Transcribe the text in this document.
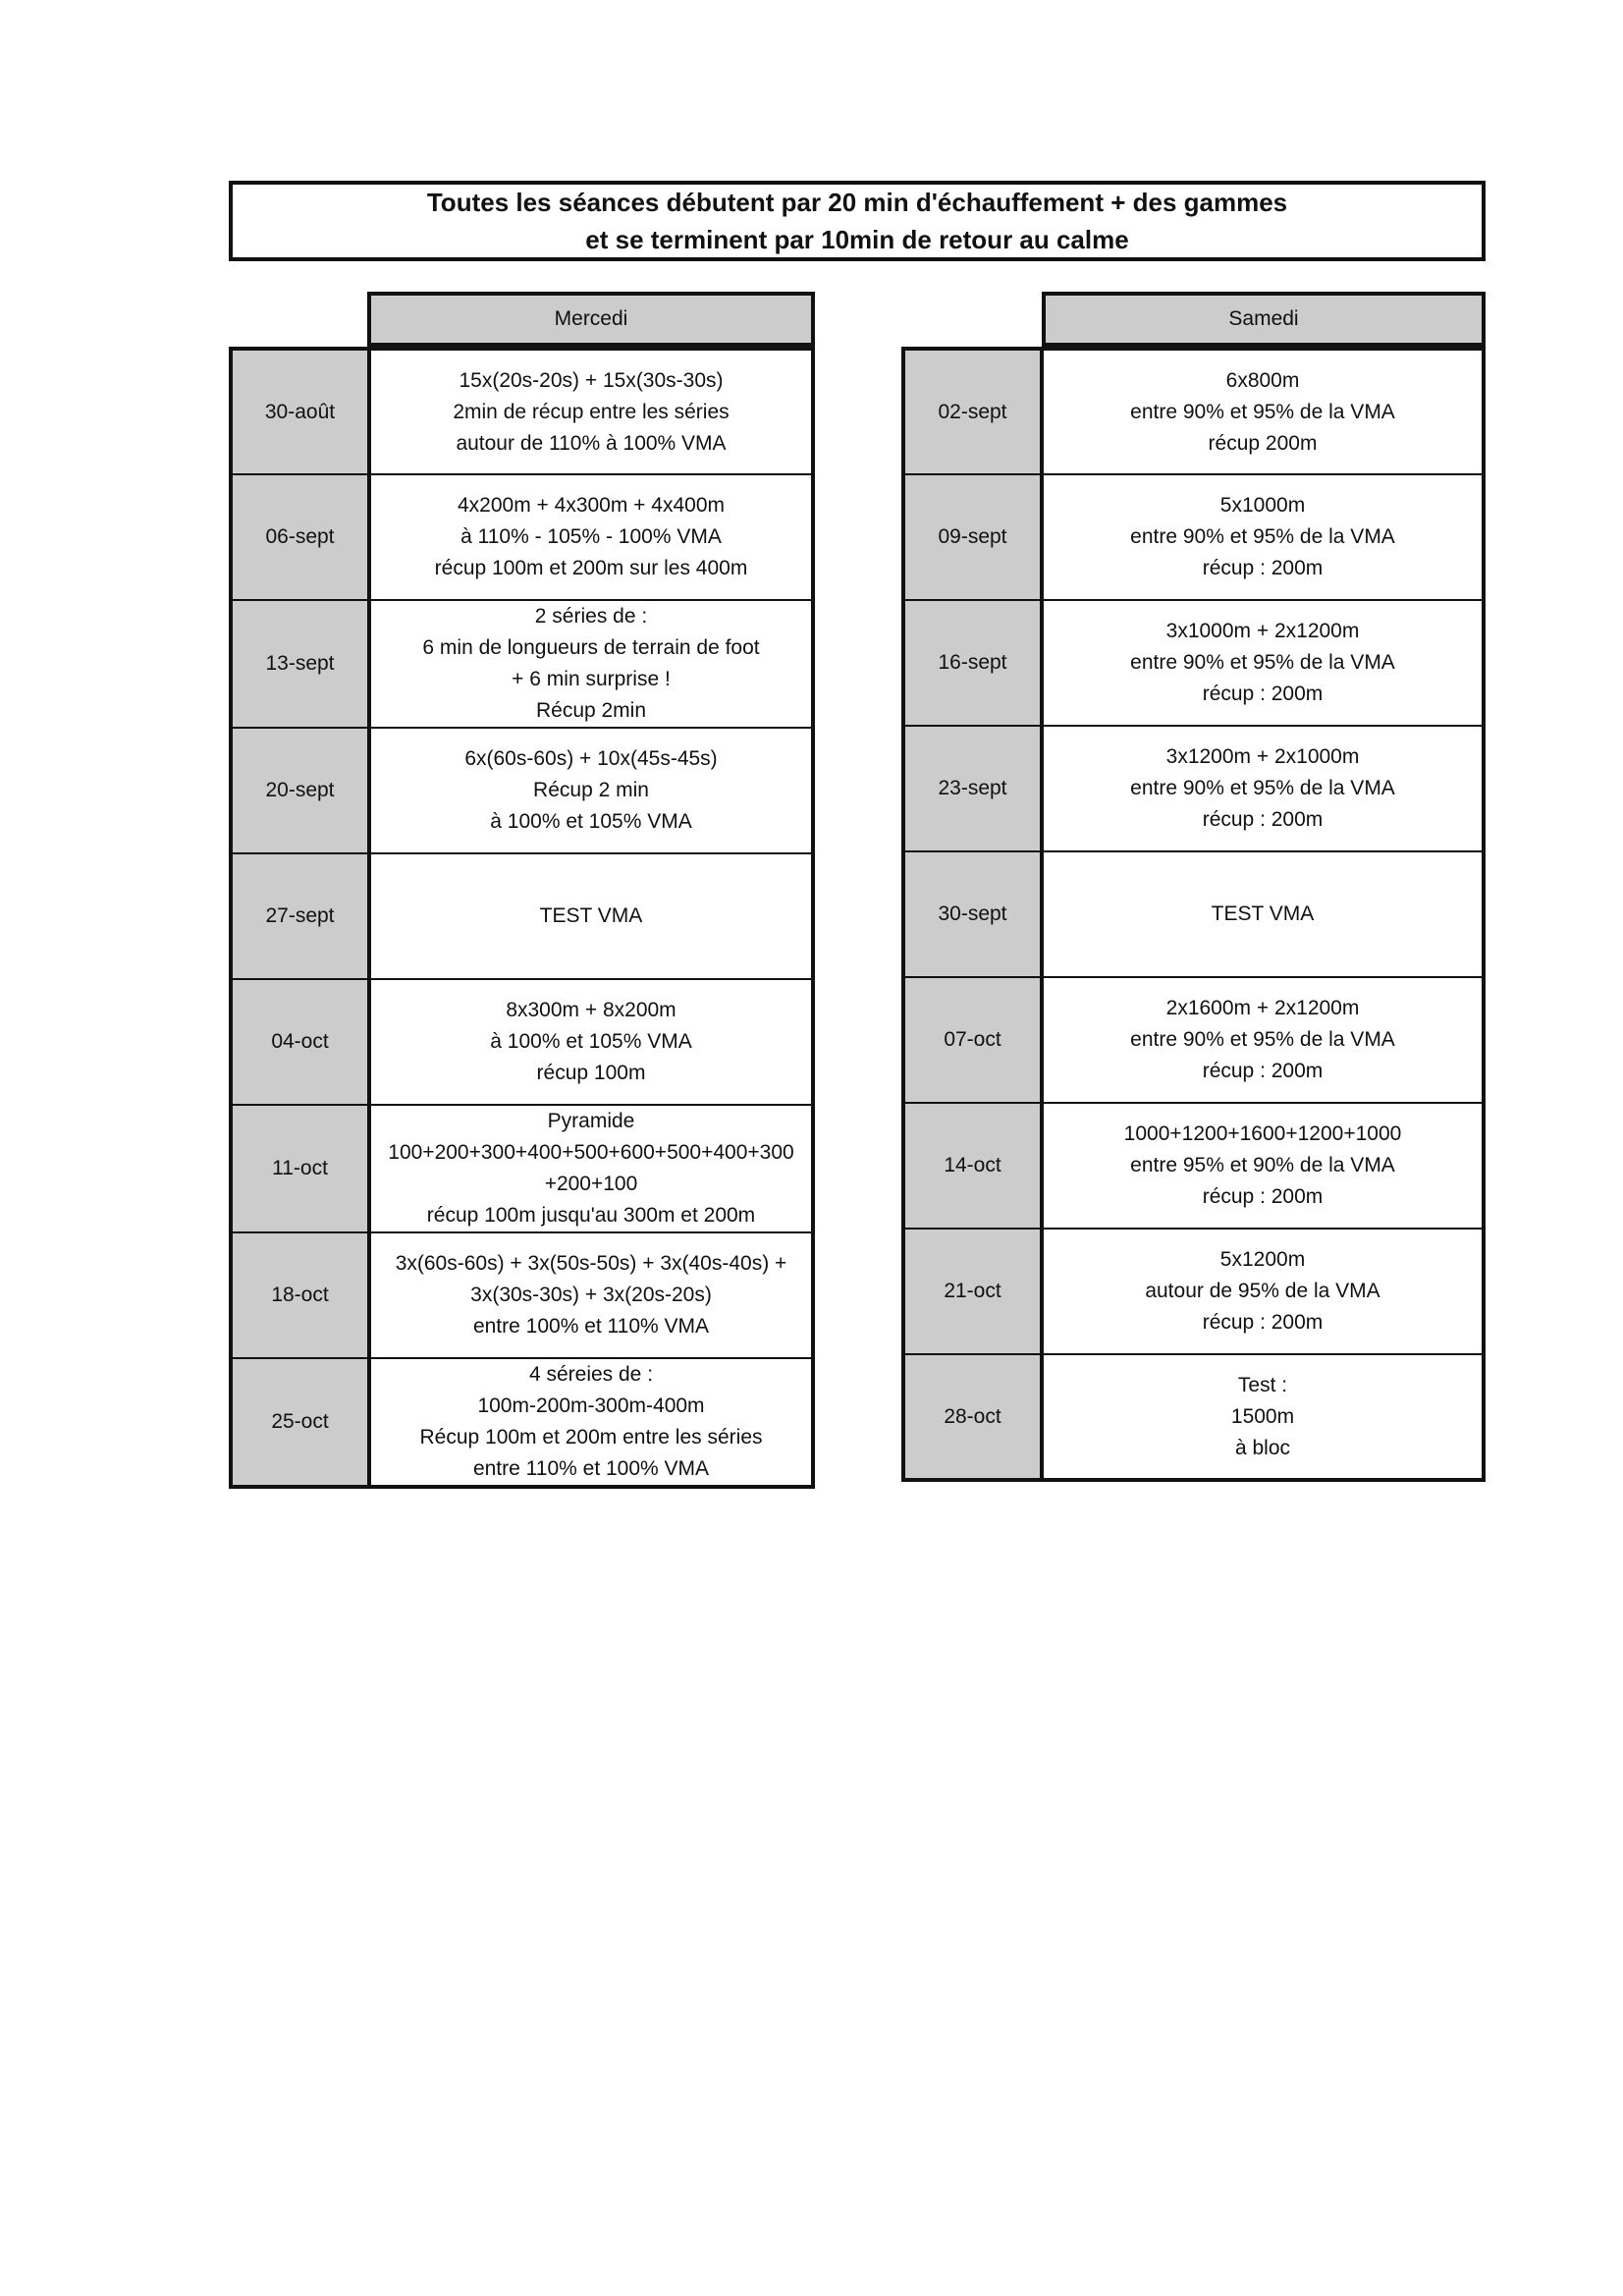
Toutes les séances débutent par 20 min d'échauffement + des gammes
et se terminent par 10min de retour au calme
Mercedi	Samedi
30-août	15x(20s-20s) + 15x(30s-30s)
2min de récup entre les séries
autour de 110% à 100% VMA

06-sept	4x200m + 4x300m + 4x400m
à 110% - 105% - 100% VMA
récup 100m et 200m sur les 400m

13-sept	2 séries de :
6 min de longueurs de terrain de foot
+ 6 min surprise !
Récup 2min

20-sept	6x(60s-60s) + 10x(45s-45s)
Récup 2 min
à 100% et 105% VMA

27-sept	TEST VMA

04-oct	8x300m + 8x200m
à 100% et 105% VMA
récup 100m

11-oct	Pyramide
100+200+300+400+500+600+500+400+300
+200+100
récup 100m jusqu'au 300m et 200m

18-oct	3x(60s-60s) + 3x(50s-50s) + 3x(40s-40s) +
3x(30s-30s) + 3x(20s-20s)
entre 100% et 110% VMA

25-oct	4 séreies de :
100m-200m-300m-400m
Récup 100m et 200m entre les séries
entre 110% et 100% VMA
02-sept	6x800m
entre 90% et 95% de la VMA
récup 200m

09-sept	5x1000m
entre 90% et 95% de la VMA
récup : 200m

16-sept	3x1000m + 2x1200m
entre 90% et 95% de la VMA
récup : 200m

23-sept	3x1200m + 2x1000m
entre 90% et 95% de la VMA
récup : 200m

30-sept	TEST VMA

07-oct	2x1600m + 2x1200m
entre 90% et 95% de la VMA
récup : 200m

14-oct	1000+1200+1600+1200+1000
entre 95% et 90% de la VMA
récup : 200m

21-oct	5x1200m
autour de 95% de la VMA
récup : 200m

28-oct	Test :
1500m
à bloc
